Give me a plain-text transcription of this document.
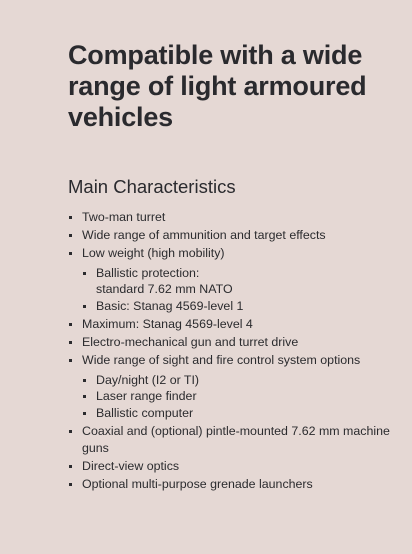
Compatible with a wide range of light armoured vehicles
Main Characteristics
Two-man turret
Wide range of ammunition and target effects
Low weight (high mobility)
Ballistic protection:
standard 7.62 mm NATO
Basic: Stanag 4569-level 1
Maximum: Stanag 4569-level 4
Electro-mechanical gun and turret drive
Wide range of sight and fire control system options
Day/night (I2 or TI)
Laser range finder
Ballistic computer
Coaxial and (optional) pintle-mounted 7.62 mm machine guns
Direct-view optics
Optional multi-purpose grenade launchers
